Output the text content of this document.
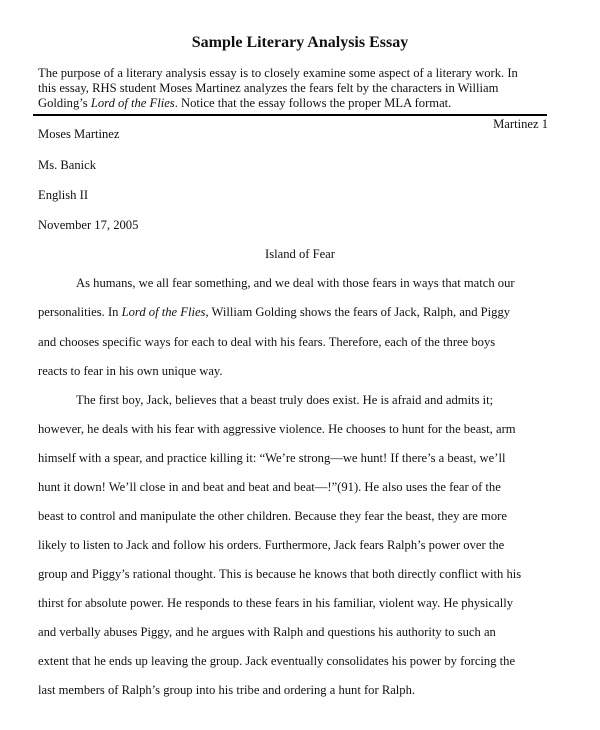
Sample Literary Analysis Essay
The purpose of a literary analysis essay is to closely examine some aspect of a literary work. In
this essay, RHS student Moses Martinez analyzes the fears felt by the characters in William
Golding’s Lord of the Flies. Notice that the essay follows the proper MLA format.
Martinez 1
Moses Martinez
Ms. Banick
English II
November 17, 2005
Island of Fear
As humans, we all fear something, and we deal with those fears in ways that match our
personalities. In Lord of the Flies, William Golding shows the fears of Jack, Ralph, and Piggy
and chooses specific ways for each to deal with his fears. Therefore, each of the three boys
reacts to fear in his own unique way.
The first boy, Jack, believes that a beast truly does exist. He is afraid and admits it;
however, he deals with his fear with aggressive violence. He chooses to hunt for the beast, arm
himself with a spear, and practice killing it: “We’re strong—we hunt! If there’s a beast, we’ll
hunt it down! We’ll close in and beat and beat and beat—!”(91). He also uses the fear of the
beast to control and manipulate the other children. Because they fear the beast, they are more
likely to listen to Jack and follow his orders. Furthermore, Jack fears Ralph’s power over the
group and Piggy’s rational thought. This is because he knows that both directly conflict with his
thirst for absolute power. He responds to these fears in his familiar, violent way. He physically
and verbally abuses Piggy, and he argues with Ralph and questions his authority to such an
extent that he ends up leaving the group. Jack eventually consolidates his power by forcing the
last members of Ralph’s group into his tribe and ordering a hunt for Ralph.
